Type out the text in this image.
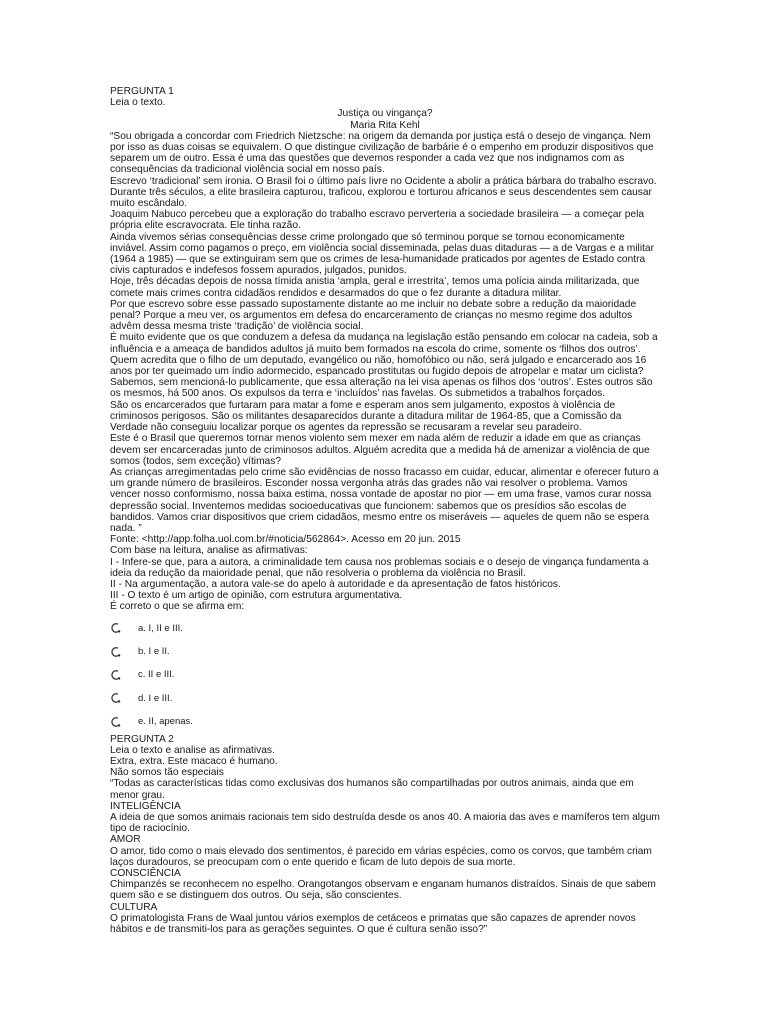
PERGUNTA 1
Leia o texto.
Justiça ou vingança?
Maria Rita Kehl
“Sou obrigada a concordar com Friedrich Nietzsche: na origem da demanda por justiça está o desejo de vingança. Nem por isso as duas coisas se equivalem. O que distingue civilização de barbárie é o empenho em produzir dispositivos que separem um de outro. Essa é uma das questões que devemos responder a cada vez que nos indignamos com as consequências da tradicional violência social em nosso país.
Escrevo ‘tradicional’ sem ironia. O Brasil foi o último país livre no Ocidente a abolir a prática bárbara do trabalho escravo. Durante três séculos, a elite brasileira capturou, traficou, explorou e torturou africanos e seus descendentes sem causar muito escândalo.
Joaquim Nabuco percebeu que a exploração do trabalho escravo perverteria a sociedade brasileira — a começar pela própria elite escravocrata. Ele tinha razão.
Ainda vivemos sérias consequências desse crime prolongado que só terminou porque se tornou economicamente inviável. Assim como pagamos o preço, em violência social disseminada, pelas duas ditaduras — a de Vargas e a militar (1964 a 1985) — que se extinguiram sem que os crimes de lesa-humanidade praticados por agentes de Estado contra civis capturados e indefesos fossem apurados, julgados, punidos.
Hoje, três décadas depois de nossa tímida anistia ‘ampla, geral e irrestrita’, temos uma polícia ainda militarizada, que comete mais crimes contra cidadãos rendidos e desarmados do que o fez durante a ditadura militar.
Por que escrevo sobre esse passado supostamente distante ao me incluir no debate sobre a redução da maioridade penal? Porque a meu ver, os argumentos em defesa do encarceramento de crianças no mesmo regime dos adultos advêm dessa mesma triste ‘tradição’ de violência social.
É muito evidente que os que conduzem a defesa da mudança na legislação estão pensando em colocar na cadeia, sob a influência e a ameaça de bandidos adultos já muito bem formados na escola do crime, somente os ‘filhos dos outros’. Quem acredita que o filho de um deputado, evangélico ou não, homofóbico ou não, será julgado e encarcerado aos 16 anos por ter queimado um índio adormecido, espancado prostitutas ou fugido depois de atropelar e matar um ciclista? Sabemos, sem mencioná-lo publicamente, que essa alteração na lei visa apenas os filhos dos ‘outros’. Estes outros são os mesmos, há 500 anos. Os expulsos da terra e ‘incluídos’ nas favelas. Os submetidos a trabalhos forçados.
São os encarcerados que furtaram para matar a fome e esperam anos sem julgamento, expostos à violência de criminosos perigosos. São os militantes desaparecidos durante a ditadura militar de 1964-85, que a Comissão da Verdade não conseguiu localizar porque os agentes da repressão se recusaram a revelar seu paradeiro.
Este é o Brasil que queremos tornar menos violento sem mexer em nada além de reduzir a idade em que as crianças devem ser encarceradas junto de criminosos adultos. Alguém acredita que a medida há de amenizar a violência de que somos (todos, sem exceção) vítimas?
As crianças arregimentadas pelo crime são evidências de nosso fracasso em cuidar, educar, alimentar e oferecer futuro a um grande número de brasileiros. Esconder nossa vergonha atrás das grades não vai resolver o problema. Vamos vencer nosso conformismo, nossa baixa estima, nossa vontade de apostar no pior — em uma frase, vamos curar nossa depressão social. Inventemos medidas socioeducativas que funcionem: sabemos que os presídios são escolas de bandidos. Vamos criar dispositivos que criem cidadãos, mesmo entre os miseráveis — aqueles de quem não se espera nada. ”
Fonte: <http://app.folha.uol.com.br/#noticia/562864>. Acesso em 20 jun. 2015
Com base na leitura, analise as afirmativas:
I - Infere-se que, para a autora, a criminalidade tem causa nos problemas sociais e o desejo de vingança fundamenta a ideia da redução da maioridade penal, que não resolveria o problema da violência no Brasil.
II - Na argumentação, a autora vale-se do apelo à autoridade e da apresentação de fatos históricos.
III - O texto é um artigo de opinião, com estrutura argumentativa.
É correto o que se afirma em:
a. I, II e III.
b. I e II.
c. II e III.
d. I e III.
e. II, apenas.
PERGUNTA 2
Leia o texto e analise as afirmativas.
Extra, extra. Este macaco é humano.
Não somos tão especiais
“Todas as características tidas como exclusivas dos humanos são compartilhadas por outros animais, ainda que em menor grau.
INTELIGÊNCIA
A ideia de que somos animais racionais tem sido destruída desde os anos 40. A maioria das aves e mamíferos tem algum tipo de raciocínio.
AMOR
O amor, tido como o mais elevado dos sentimentos, é parecido em várias espécies, como os corvos, que também criam laços duradouros, se preocupam com o ente querido e ficam de luto depois de sua morte.
CONSCIÊNCIA
Chimpanzés se reconhecem no espelho. Orangotangos observam e enganam humanos distraídos. Sinais de que sabem quem são e se distinguem dos outros. Ou seja, são conscientes.
CULTURA
O primatologista Frans de Waal juntou vários exemplos de cetáceos e primatas que são capazes de aprender novos hábitos e de transmiti-los para as gerações seguintes. O que é cultura senão isso?”
